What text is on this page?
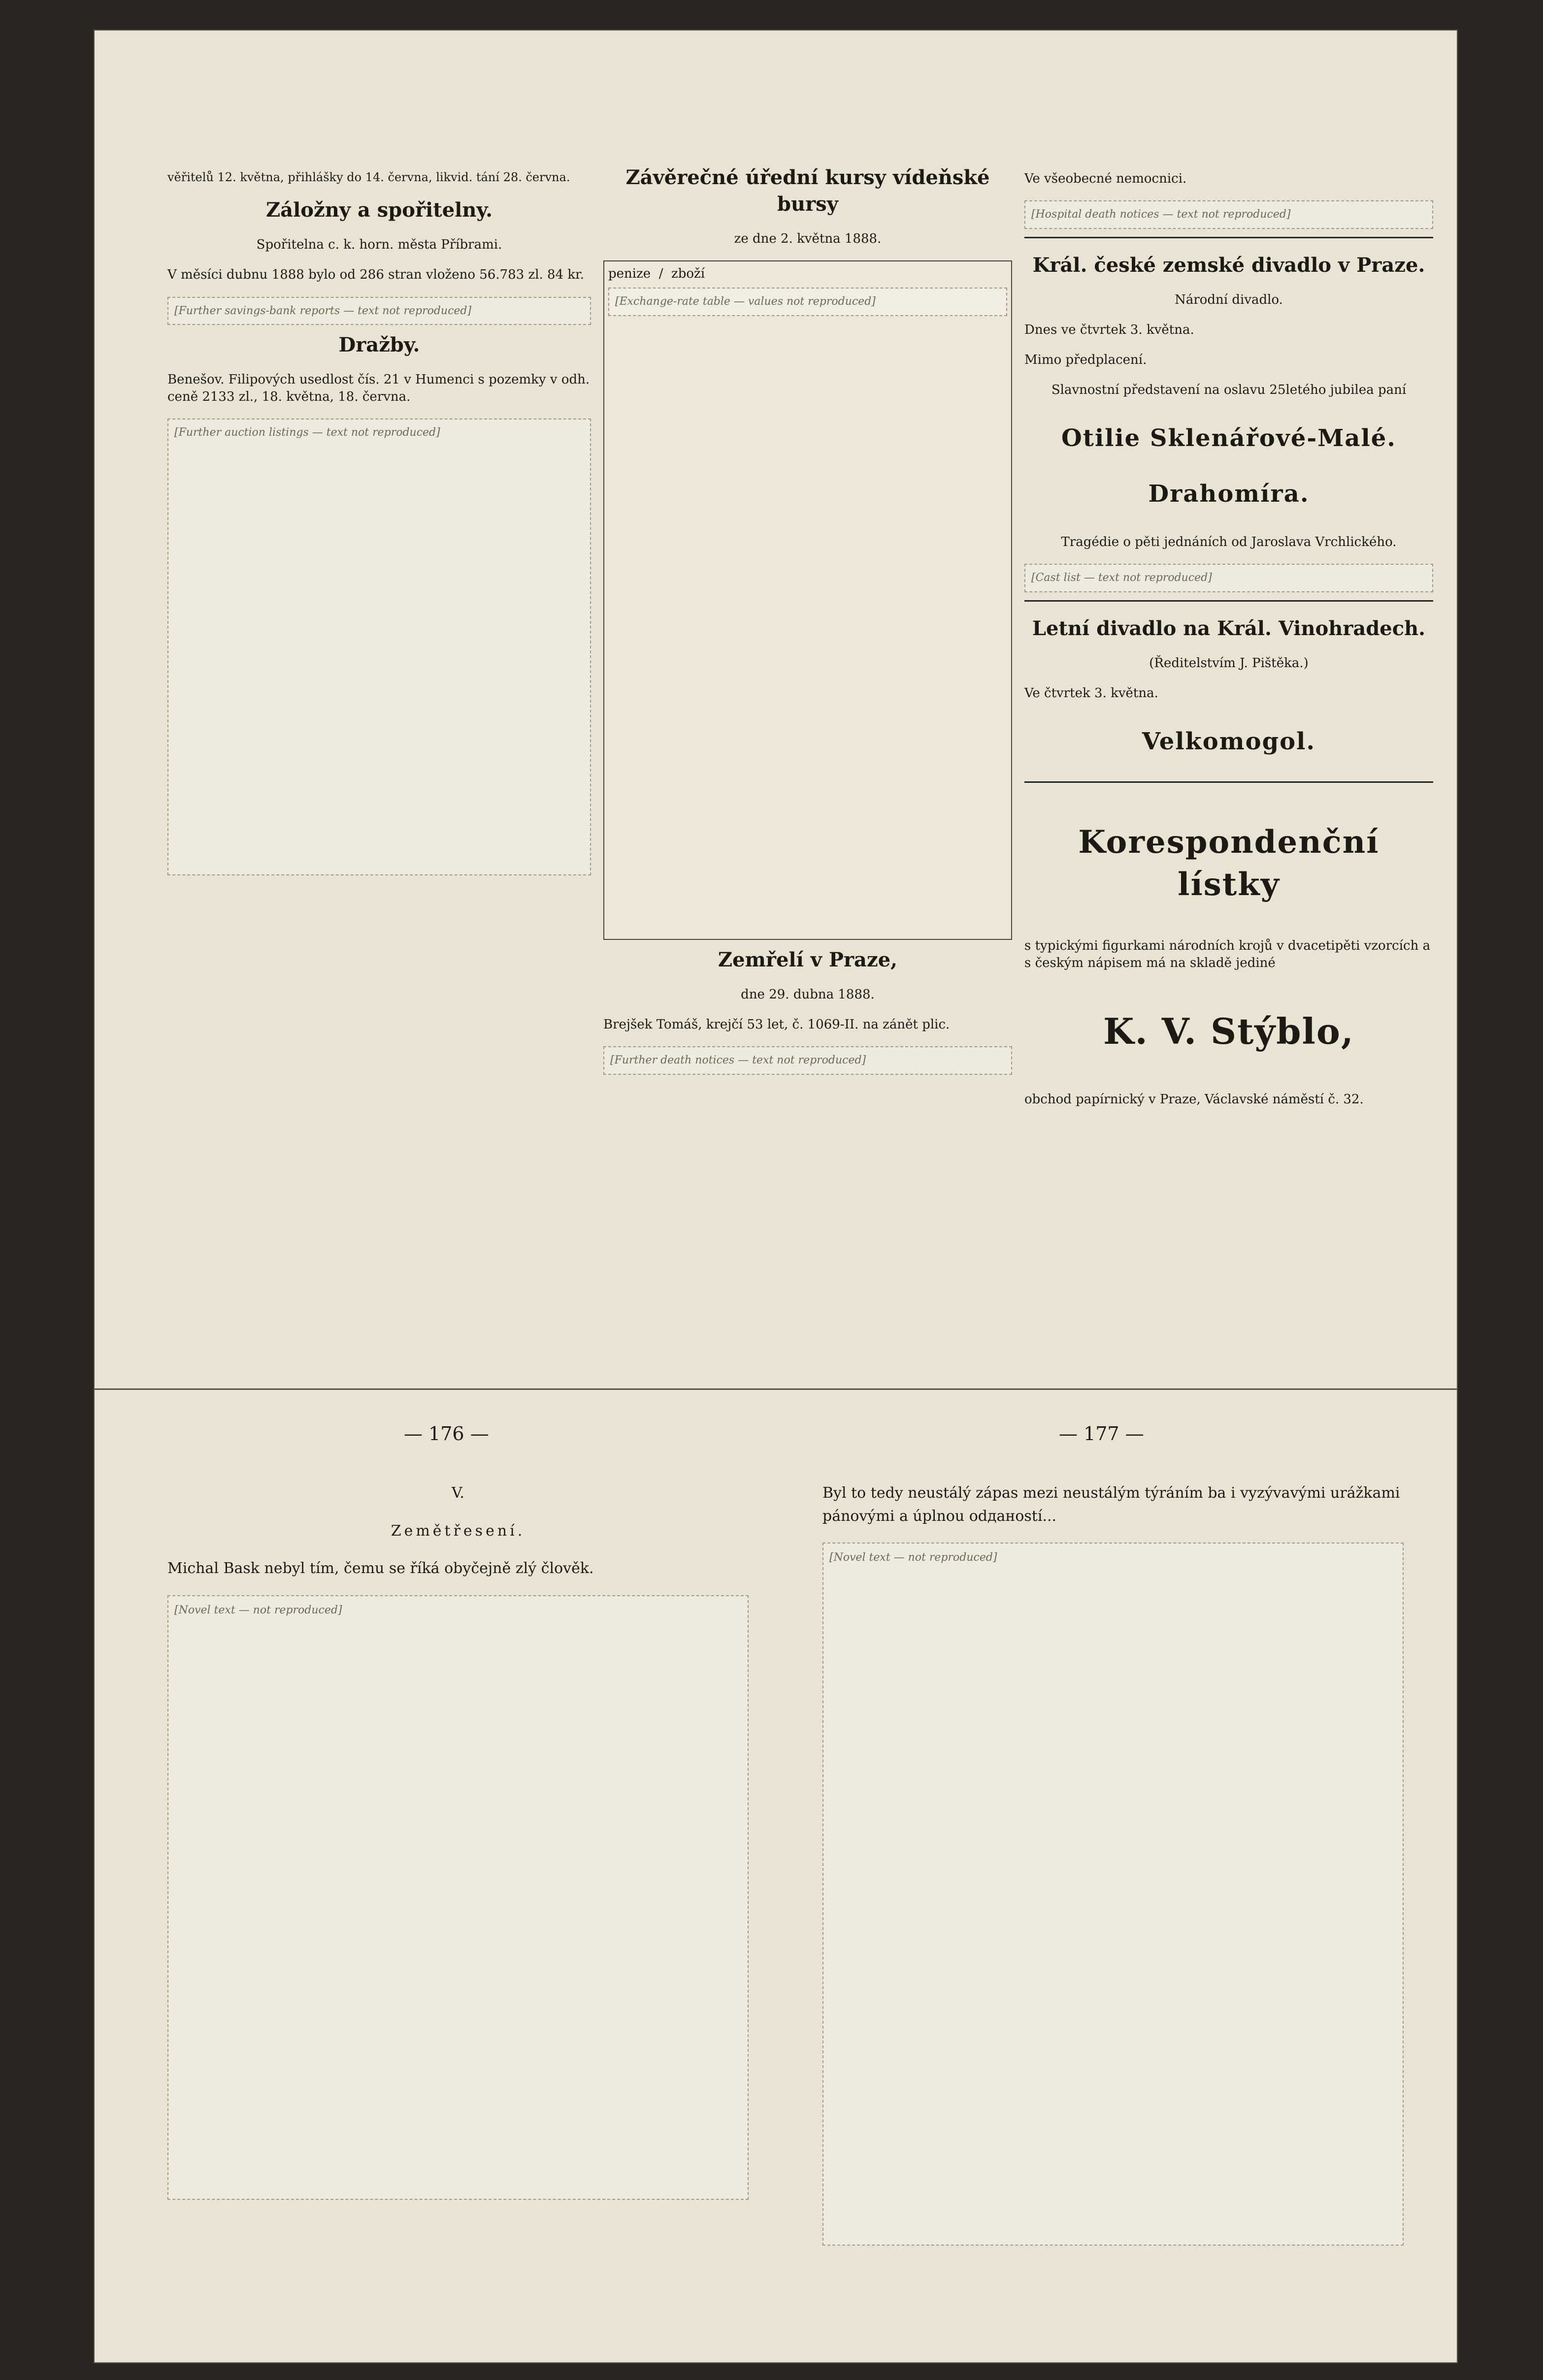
věřitelů 12. května, přihlášky do 14. června, likvid. tání 28. června.

Záložny a spořitelny.

Spořitelna c. k. horn. města Příbrami.

V měsíci dubnu 1888 bylo od 286 stran vloženo 56.783 zl. 84 kr.

[Further savings-bank reports — text not reproduced]
Dražby.

Benešov. Filipových usedlost čís. 21 v Humenci s pozemky v odh. ceně 2133 zl., 18. května, 18. června.

[Further auction listings — text not reproduced]
Závěrečné úřední kursy vídeňské bursy

ze dne 2. května 1888.

penize  /  zboží
[Exchange-rate table — values not reproduced]
Zemřelí v Praze,

dne 29. dubna 1888.

Brejšek Tomáš, krejčí 53 let, č. 1069-II. na zánět plic.

[Further death notices — text not reproduced]

Ve všeobecné nemocnici.

[Hospital death notices — text not reproduced]
Král. české zemské divadlo v Praze.

Národní divadlo.

Dnes ve čtvrtek 3. května.

Mimo předplacení.

Slavnostní představení na oslavu 25letého jubilea paní

Otilie Sklenářové-Malé.

Drahomíra.

Tragédie o pěti jednáních od Jaroslava Vrchlického.

[Cast list — text not reproduced]
Letní divadlo na Král. Vinohradech.

(Ředitelstvím J. Pištěka.)

Ve čtvrtek 3. května.

Velkomogol.

Korespondenční lístky

s typickými figurkami národních krojů v dvacetipěti vzorcích a s českým nápisem má na skladě jediné

K. V. Stýblo,

obchod papírnický v Praze, Václavské náměstí č. 32.

— 176 —	— 177 —

V.

Zemětřesení.

Michal Bask nebyl tím, čemu se říká obyčejně zlý člověk.

[Novel text — not reproduced]

Byl to tedy neustálý zápas mezi neustálým týráním ba i vyzývavými urážkami pánovými a úplnou odданostí...

[Novel text — not reproduced]
